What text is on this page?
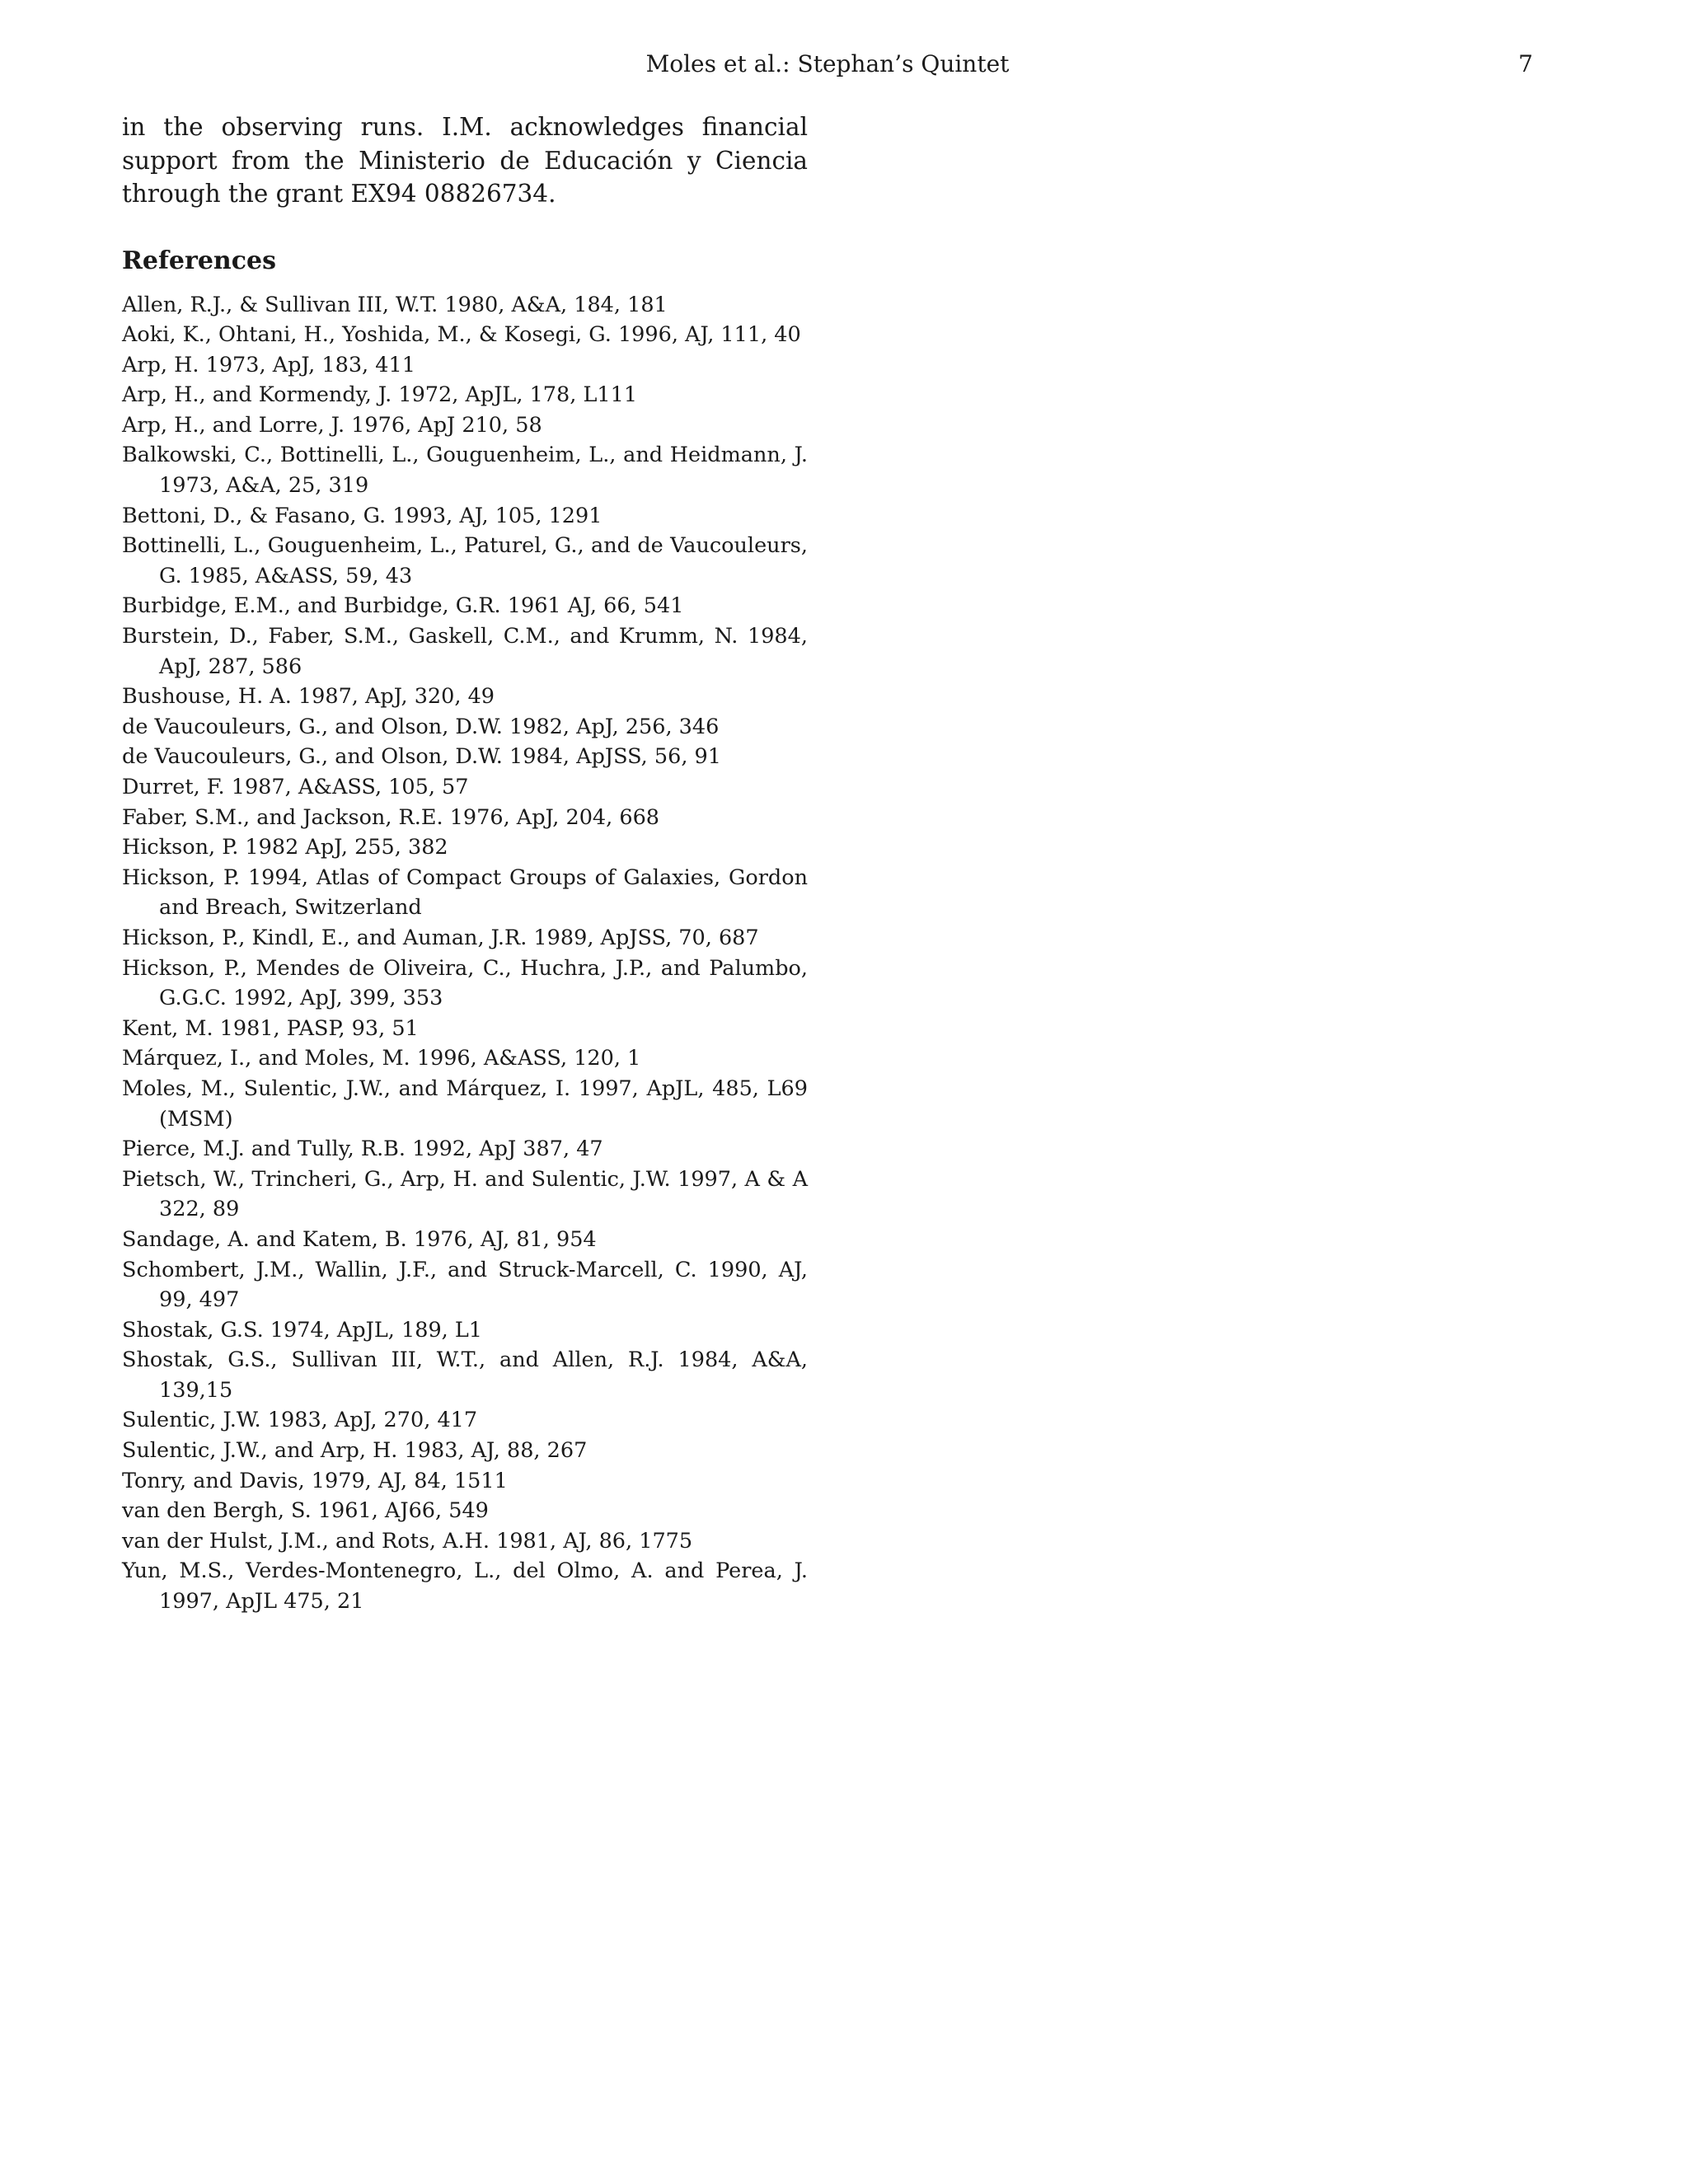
Moles et al.: Stephan’s Quintet	7

in the observing runs. I.M. acknowledges financial support from the Ministerio de Educación y Ciencia through the grant EX94 08826734.

References
Allen, R.J., & Sullivan III, W.T. 1980, A&A, 184, 181
Aoki, K., Ohtani, H., Yoshida, M., & Kosegi, G. 1996, AJ, 111, 40
Arp, H. 1973, ApJ, 183, 411
Arp, H., and Kormendy, J. 1972, ApJL, 178, L111
Arp, H., and Lorre, J. 1976, ApJ 210, 58
Balkowski, C., Bottinelli, L., Gouguenheim, L., and Heidmann, J. 1973, A&A, 25, 319
Bettoni, D., & Fasano, G. 1993, AJ, 105, 1291
Bottinelli, L., Gouguenheim, L., Paturel, G., and de Vaucouleurs, G. 1985, A&ASS, 59, 43
Burbidge, E.M., and Burbidge, G.R. 1961 AJ, 66, 541
Burstein, D., Faber, S.M., Gaskell, C.M., and Krumm, N. 1984, ApJ, 287, 586
Bushouse, H. A. 1987, ApJ, 320, 49
de Vaucouleurs, G., and Olson, D.W. 1982, ApJ, 256, 346
de Vaucouleurs, G., and Olson, D.W. 1984, ApJSS, 56, 91
Durret, F. 1987, A&ASS, 105, 57
Faber, S.M., and Jackson, R.E. 1976, ApJ, 204, 668
Hickson, P. 1982 ApJ, 255, 382
Hickson, P. 1994, Atlas of Compact Groups of Galaxies, Gordon and Breach, Switzerland
Hickson, P., Kindl, E., and Auman, J.R. 1989, ApJSS, 70, 687
Hickson, P., Mendes de Oliveira, C., Huchra, J.P., and Palumbo, G.G.C. 1992, ApJ, 399, 353
Kent, M. 1981, PASP, 93, 51
Márquez, I., and Moles, M. 1996, A&ASS, 120, 1
Moles, M., Sulentic, J.W., and Márquez, I. 1997, ApJL, 485, L69 (MSM)
Pierce, M.J. and Tully, R.B. 1992, ApJ 387, 47
Pietsch, W., Trincheri, G., Arp, H. and Sulentic, J.W. 1997, A & A 322, 89
Sandage, A. and Katem, B. 1976, AJ, 81, 954
Schombert, J.M., Wallin, J.F., and Struck-Marcell, C. 1990, AJ, 99, 497
Shostak, G.S. 1974, ApJL, 189, L1
Shostak, G.S., Sullivan III, W.T., and Allen, R.J. 1984, A&A, 139,15
Sulentic, J.W. 1983, ApJ, 270, 417
Sulentic, J.W., and Arp, H. 1983, AJ, 88, 267
Tonry, and Davis, 1979, AJ, 84, 1511
van den Bergh, S. 1961, AJ66, 549
van der Hulst, J.M., and Rots, A.H. 1981, AJ, 86, 1775
Yun, M.S., Verdes-Montenegro, L., del Olmo, A. and Perea, J. 1997, ApJL 475, 21
